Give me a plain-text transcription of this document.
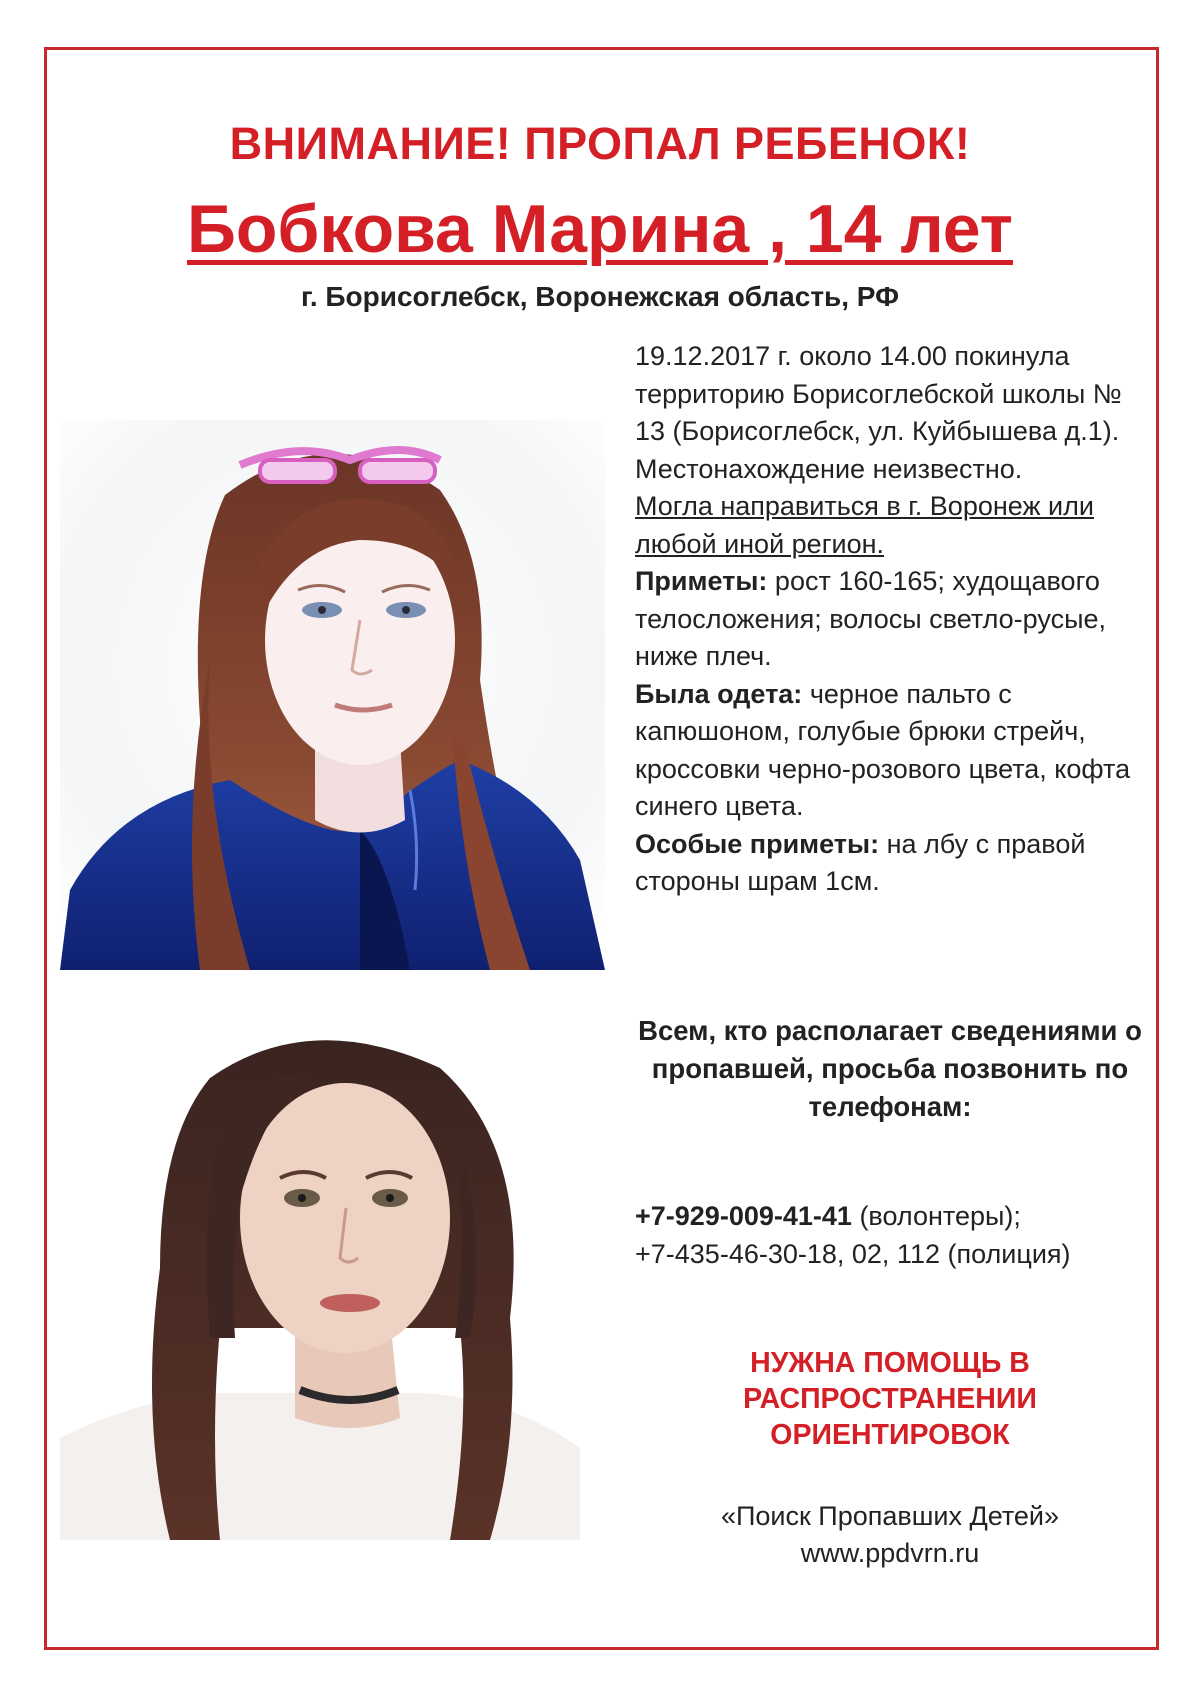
ВНИМАНИЕ! ПРОПАЛ РЕБЕНОК!
Бобкова Марина , 14 лет
г. Борисоглебск, Воронежская область, РФ

19.12.2017 г. около 14.00 покинула территорию Борисоглебской школы № 13 (Борисоглебск, ул. Куйбышева д.1). Местонахождение неизвестно.

Могла направиться в г. Воронеж или любой иной регион.

Приметы: рост 160-165; худощавого телосложения; волосы светло-русые, ниже плеч.

Была одета: черное пальто с капюшоном, голубые брюки стрейч, кроссовки черно-розового цвета, кофта синего цвета.

Особые приметы: на лбу с правой стороны шрам 1см.

Всем, кто располагает сведениями о пропавшей, просьба позвонить по телефонам:
+7-929-009-41-41 (волонтеры);
+7-435-46-30-18, 02, 112 (полиция)
НУЖНА ПОМОЩЬ В РАСПРОСТРАНЕНИИ ОРИЕНТИРОВОК
«Поиск Пропавших Детей»
www.ppdvrn.ru
